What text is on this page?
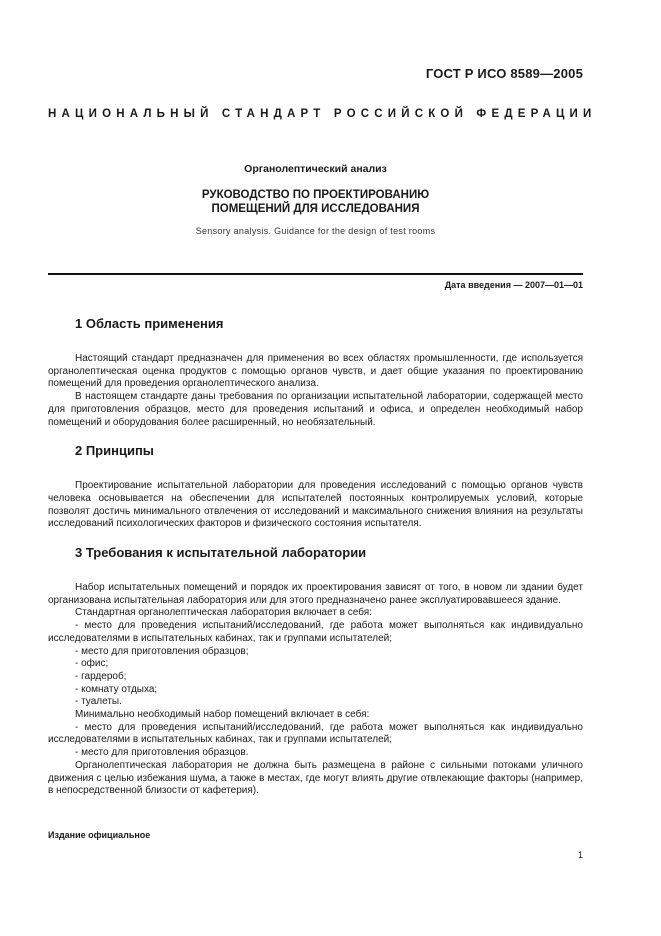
ГОСТ Р ИСО 8589—2005
НАЦИОНАЛЬНЫЙ СТАНДАРТ РОССИЙСКОЙ ФЕДЕРАЦИИ
Органолептический анализ
РУКОВОДСТВО ПО ПРОЕКТИРОВАНИЮ
ПОМЕЩЕНИЙ ДЛЯ ИССЛЕДОВАНИЯ
Sensory analysis. Guidance for the design of test rooms
Дата введения — 2007—01—01
1 Область применения

Настоящий стандарт предназначен для применения во всех областях промышленности, где используется органолептическая оценка продуктов с помощью органов чувств, и дает общие указания по проектированию помещений для проведения органолептического анализа.

В настоящем стандарте даны требования по организации испытательной лаборатории, содержащей место для приготовления образцов, место для проведения испытаний и офиса, и определен необходимый набор помещений и оборудования более расширенный, но необязательный.

2 Принципы

Проектирование испытательной лаборатории для проведения исследований с помощью органов чувств человека основывается на обеспечении для испытателей постоянных контролируемых условий, которые позволят достичь минимального отвлечения от исследований и максимального снижения влияния на результаты исследований психологических факторов и физического состояния испытателя.

3 Требования к испытательной лаборатории

Набор испытательных помещений и порядок их проектирования зависят от того, в новом ли здании будет организована испытательная лаборатория или для этого предназначено ранее эксплуатировавшееся здание.

Стандартная органолептическая лаборатория включает в себя:

- место для проведения испытаний/исследований, где работа может выполняться как индивидуально исследователями в испытательных кабинах, так и группами испытателей;

- место для приготовления образцов;

- офис;

- гардероб;

- комнату отдыха;

- туалеты.

Минимально необходимый набор помещений включает в себя:

- место для проведения испытаний/исследований, где работа может выполняться как индивидуально исследователями в испытательных кабинах, так и группами испытателей;

- место для приготовления образцов.

Органолептическая лаборатория не должна быть размещена в районе с сильными потоками уличного движения с целью избежания шума, а также в местах, где могут влиять другие отвлекающие факторы (например, в непосредственной близости от кафетерия).

Издание официальное
1
